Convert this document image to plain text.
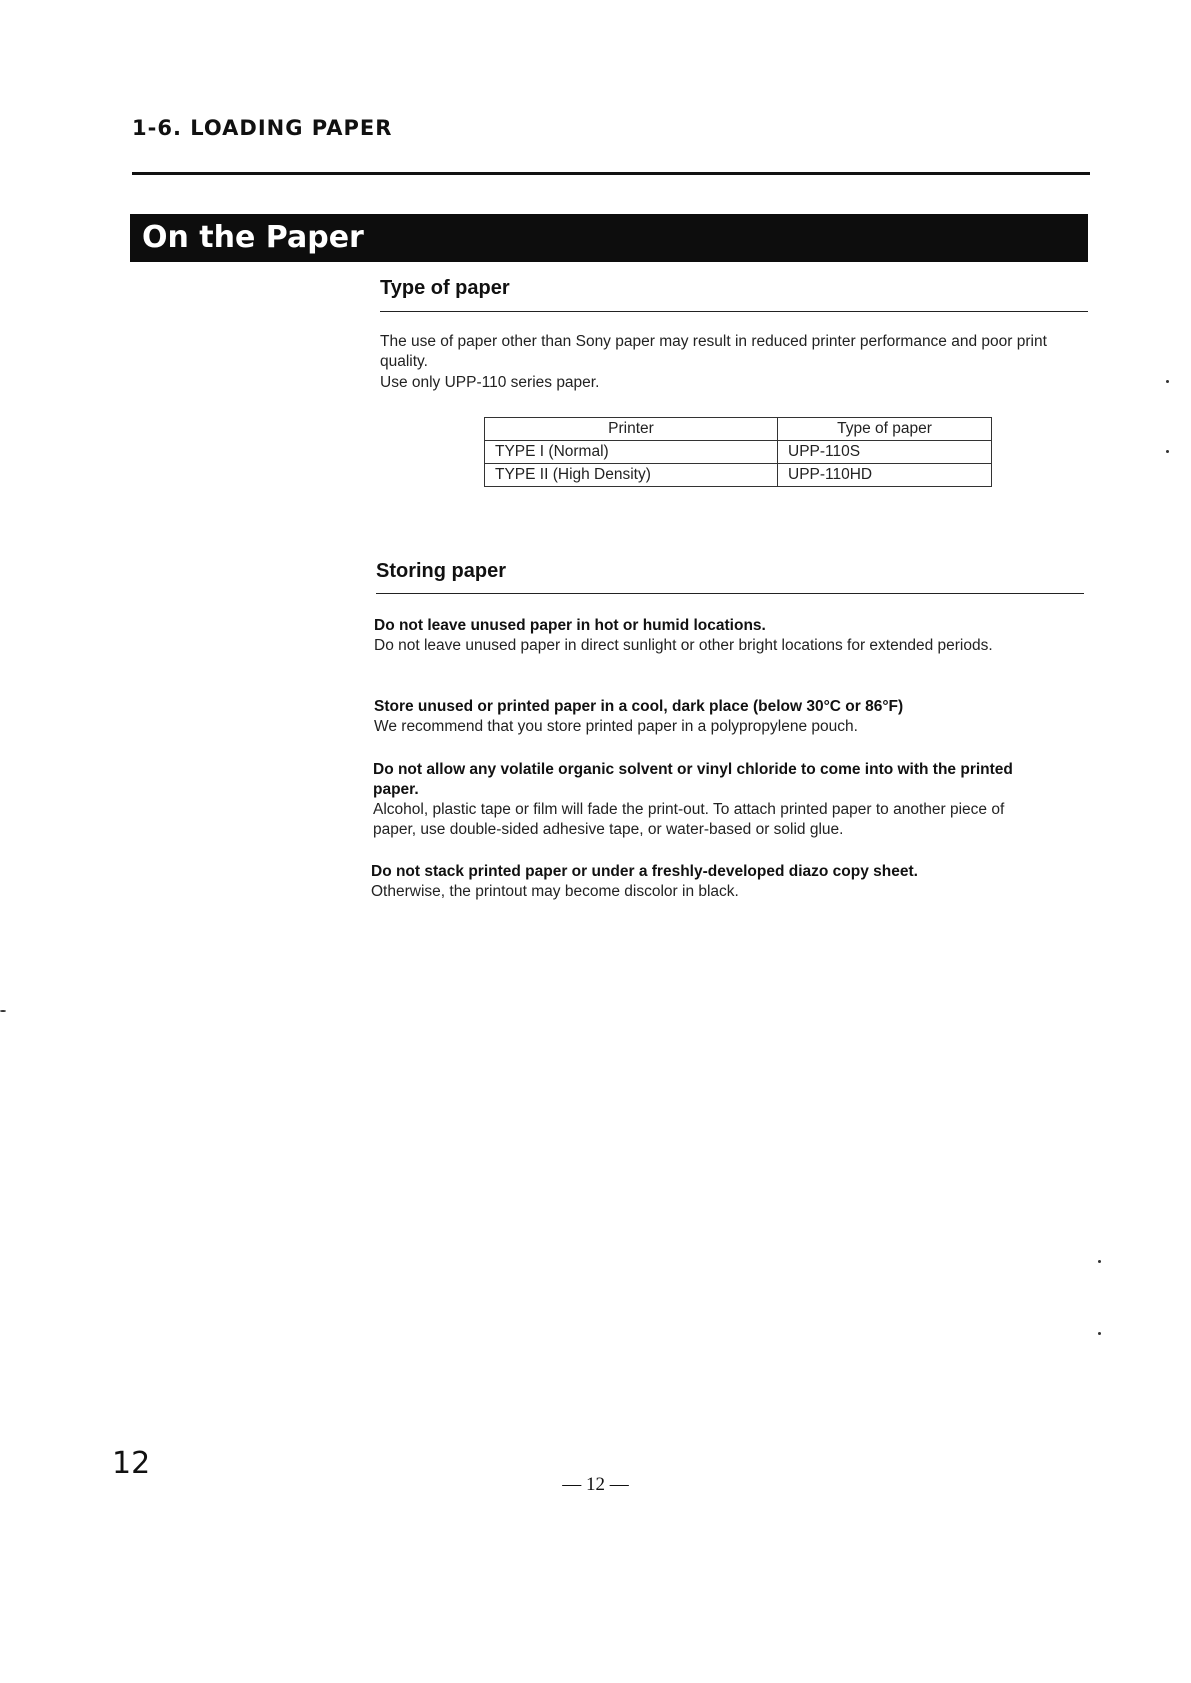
1-6. LOADING PAPER
On the Paper
Type of paper
The use of paper other than Sony paper may result in reduced printer performance and poor print quality.
Use only UPP-110 series paper.
Printer	Type of paper
TYPE I (Normal)	UPP-110S
TYPE II (High Density)	UPP-110HD
Storing paper
Do not leave unused paper in hot or humid locations.
Do not leave unused paper in direct sunlight or other bright locations for extended periods.
Store unused or printed paper in a cool, dark place (below 30°C or 86°F)
We recommend that you store printed paper in a polypropylene pouch.
Do not allow any volatile organic solvent or vinyl chloride to come into with the printed paper.
Alcohol, plastic tape or film will fade the print-out. To attach printed paper to another piece of paper, use double-sided adhesive tape, or water-based or solid glue.
Do not stack printed paper or under a freshly-developed diazo copy sheet.
Otherwise, the printout may become discolor in black.
12
— 12 —
